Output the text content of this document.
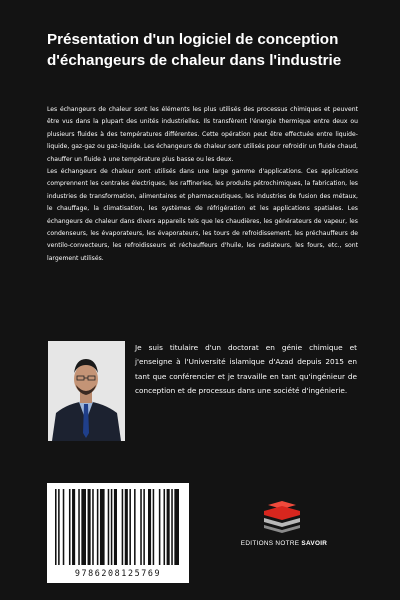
Présentation d'un logiciel de conception d'échangeurs de chaleur dans l'industrie

Les échangeurs de chaleur sont les éléments les plus utilisés des processus chimiques et peuvent être vus dans la plupart des unités industrielles. Ils transfèrent l'énergie thermique entre deux ou plusieurs fluides à des températures différentes. Cette opération peut être effectuée entre liquide-liquide, gaz-gaz ou gaz-liquide. Les échangeurs de chaleur sont utilisés pour refroidir un fluide chaud, chauffer un fluide à une température plus basse ou les deux.

Les échangeurs de chaleur sont utilisés dans une large gamme d'applications. Ces applications comprennent les centrales électriques, les raffineries, les produits pétrochimiques, la fabrication, les industries de transformation, alimentaires et pharmaceutiques, les industries de fusion des métaux, le chauffage, la climatisation, les systèmes de réfrigération et les applications spatiales. Les échangeurs de chaleur dans divers appareils tels que les chaudières, les générateurs de vapeur, les condenseurs, les évaporateurs, les évaporateurs, les tours de refroidissement, les préchauffeurs de ventilo-convecteurs, les refroidisseurs et réchauffeurs d'huile, les radiateurs, les fours, etc., sont largement utilisés.

Je suis titulaire d'un doctorat en génie chimique et j'enseigne à l'Université islamique d'Azad depuis 2015 en tant que conférencier et je travaille en tant qu'ingénieur de conception et de processus dans une société d'ingénierie.
9786208125769
EDITIONS NOTRE SAVOIR
